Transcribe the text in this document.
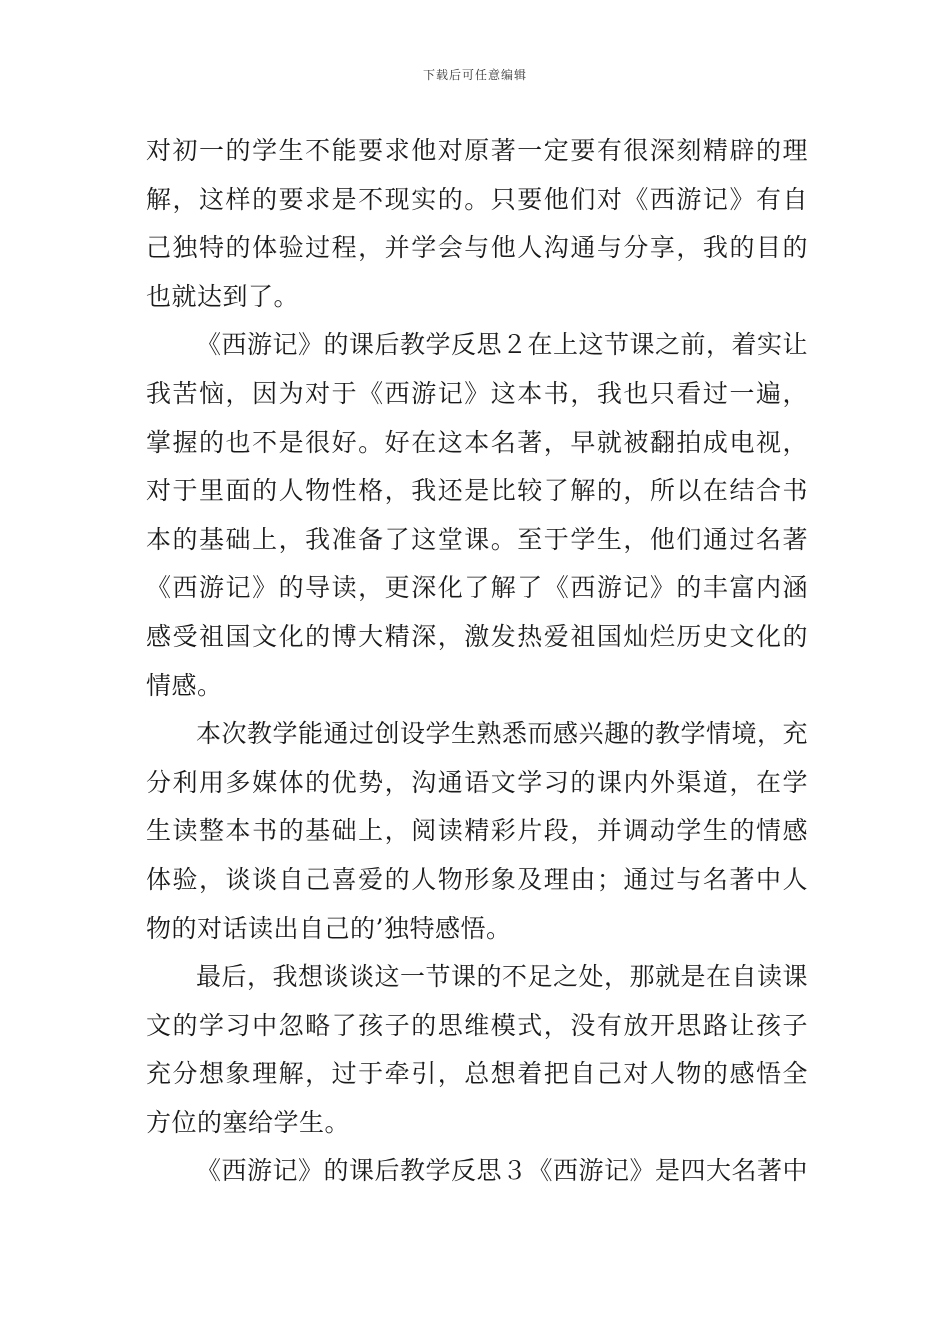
下载后可任意编辑

对初一的学生不能要求他对原著一定要有很深刻精辟的理解，这样的要求是不现实的。只要他们对《西游记》有自己独特的体验过程，并学会与他人沟通与分享，我的目的也就达到了。

《西游记》的课后教学反思２在上这节课之前，着实让我苦恼，因为对于《西游记》这本书，我也只看过一遍，掌握的也不是很好。好在这本名著，早就被翻拍成电视，对于里面的人物性格，我还是比较了解的，所以在结合书本的基础上，我准备了这堂课。至于学生，他们通过名著《西游记》的导读，更深化了解了《西游记》的丰富内涵感受祖国文化的博大精深，激发热爱祖国灿烂历史文化的情感。

本次教学能通过创设学生熟悉而感兴趣的教学情境，充分利用多媒体的优势，沟通语文学习的课内外渠道，在学生读整本书的基础上，阅读精彩片段，并调动学生的情感体验，谈谈自己喜爱的人物形象及理由；通过与名著中人物的对话读出自己的’独特感悟。

最后，我想谈谈这一节课的不足之处，那就是在自读课文的学习中忽略了孩子的思维模式，没有放开思路让孩子充分想象理解，过于牵引，总想着把自己对人物的感悟全方位的塞给学生。

《西游记》的课后教学反思３《西游记》是四大名著中
